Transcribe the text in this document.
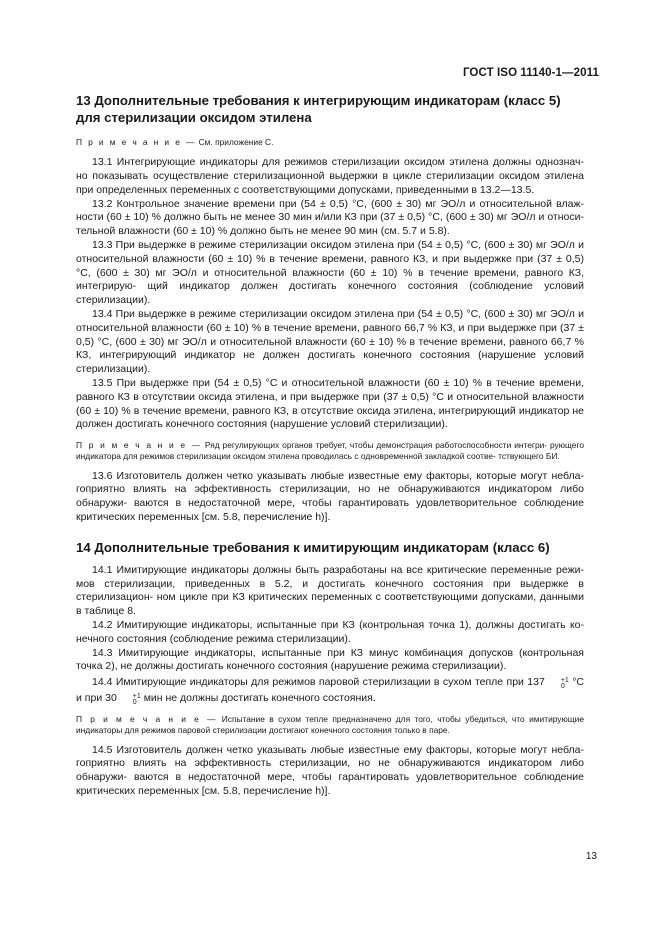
ГОСТ ISO 11140-1—2011
13 Дополнительные требования к интегрирующим индикаторам (класс 5)
для стерилизации оксидом этилена

П р и м е ч а н и е — См. приложение С.

13.1 Интегрирующие индикаторы для режимов стерилизации оксидом этилена должны однознач- но показывать осуществление стерилизационной выдержки в цикле стерилизации оксидом этилена при определенных переменных с соответствующими допусками, приведенными в 13.2—13.5.

13.2 Контрольное значение времени при (54 ± 0,5) °C, (600 ± 30) мг ЭО/л и относительной влаж- ности (60 ± 10) % должно быть не менее 30 мин и/или КЗ при (37 ± 0,5) °C, (600 ± 30) мг ЭО/л и относи- тельной влажности (60 ± 10) % должно быть не менее 90 мин (см. 5.7 и 5.8).

13.3 При выдержке в режиме стерилизации оксидом этилена при (54 ± 0,5) °C, (600 ± 30) мг ЭО/л и относительной влажности (60 ± 10) % в течение времени, равного КЗ, и при выдержке при (37 ± 0,5) °C, (600 ± 30) мг ЭО/л и относительной влажности (60 ± 10) % в течение времени, равного КЗ, интегрирую- щий индикатор должен достигать конечного состояния (соблюдение условий стерилизации).

13.4 При выдержке в режиме стерилизации оксидом этилена при (54 ± 0,5) °C, (600 ± 30) мг ЭО/л и относительной влажности (60 ± 10) % в течение времени, равного 66,7 % КЗ, и при выдержке при (37 ± 0,5) °C, (600 ± 30) мг ЭО/л и относительной влажности (60 ± 10) % в течение времени, равного 66,7 % КЗ, интегрирующий индикатор не должен достигать конечного состояния (нарушение условий стерилизации).

13.5 При выдержке при (54 ± 0,5) °C и относительной влажности (60 ± 10) % в течение времени, равного КЗ в отсутствии оксида этилена, и при выдержке при (37 ± 0,5) °C и относительной влажности (60 ± 10) % в течение времени, равного КЗ, в отсутствие оксида этилена, интегрирующий индикатор не должен достигать конечного состояния (нарушение условий стерилизации).

П р и м е ч а н и е — Ряд регулирующих органов требует, чтобы демонстрация работоспособности интегри- рующего индикатора для режимов стерилизации оксидом этилена проводилась с одновременной закладкой соотве- тствующего БИ.

13.6 Изготовитель должен четко указывать любые известные ему факторы, которые могут небла- гоприятно влиять на эффективность стерилизации, но не обнаруживаются индикатором либо обнаружи- ваются в недостаточной мере, чтобы гарантировать удовлетворительное соблюдение критических переменных [см. 5.8, перечисление h)].

14 Дополнительные требования к имитирующим индикаторам (класс 6)

14.1 Имитирующие индикаторы должны быть разработаны на все критические переменные режи- мов стерилизации, приведенных в 5.2, и достигать конечного состояния при выдержке в стерилизацион- ном цикле при КЗ критических переменных с соответствующими допусками, данными в таблице 8.

14.2 Имитирующие индикаторы, испытанные при КЗ (контрольная точка 1), должны достигать ко- нечного состояния (соблюдение режима стерилизации).

14.3 Имитирующие индикаторы, испытанные при КЗ минус комбинация допусков (контрольная точка 2), не должны достигать конечного состояния (нарушение режима стерилизации).

14.4 Имитирующие индикаторы для режимов паровой стерилизации в сухом тепле при 137	+1
0 °C и при 30	+1
0 мин не должны достигать конечного состояния.

П р и м е ч а н и е — Испытание в сухом тепле предназначено для того, чтобы убедиться, что имитирующие индикаторы для режимов паровой стерилизации достигают конечного состояния только в паре.

14.5 Изготовитель должен четко указывать любые известные ему факторы, которые могут небла- гоприятно влиять на эффективность стерилизации, но не обнаруживаются индикатором либо обнаружи- ваются в недостаточной мере, чтобы гарантировать удовлетворительное соблюдение критических переменных [см. 5.8, перечисление h)].

13
